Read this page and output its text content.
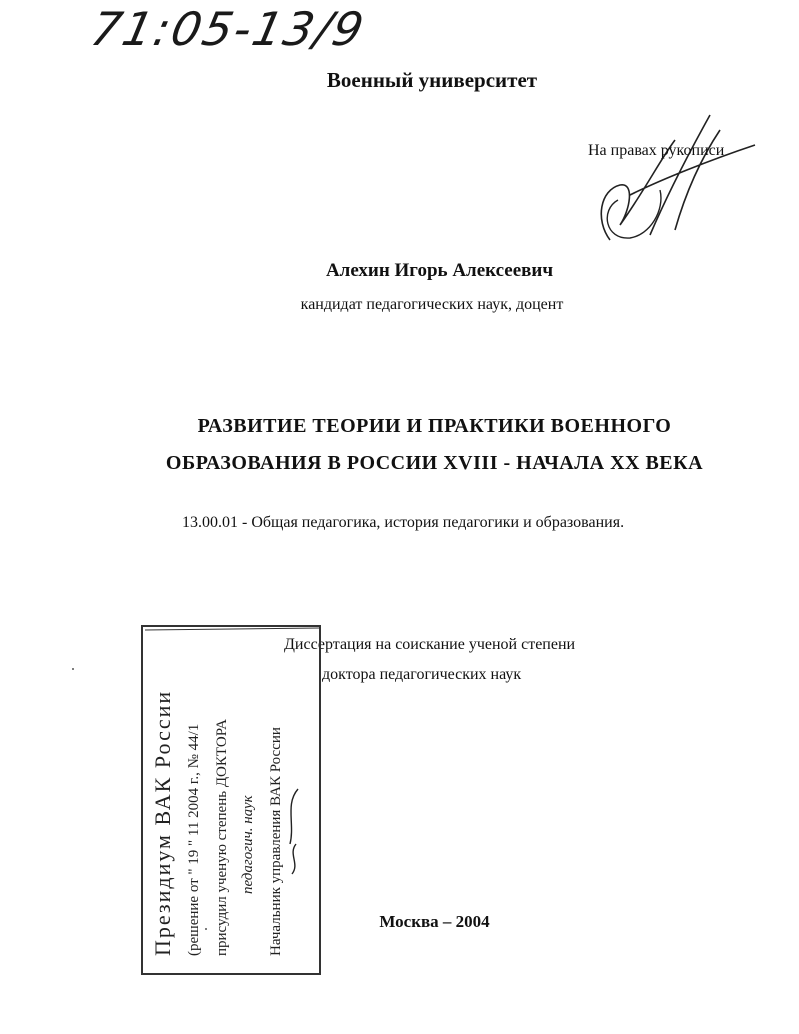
71:05-13/9
Военный университет
На правах рукописи
Алехин Игорь Алексеевич
кандидат педагогических наук, доцент
РАЗВИТИЕ ТЕОРИИ И ПРАКТИКИ ВОЕННОГО
ОБРАЗОВАНИЯ В РОССИИ XVIII - НАЧАЛА XX ВЕКА
13.00.01 - Общая педагогика, история педагогики и образования.
Диссертация на соискание ученой степени
доктора педагогических наук
Москва – 2004
Президиум ВАК России (решение от " 19 " 11 2004 г., № 44/1 присудил ученую степень ДОКТОРА педагогич. наук Начальник управления ВАК России
